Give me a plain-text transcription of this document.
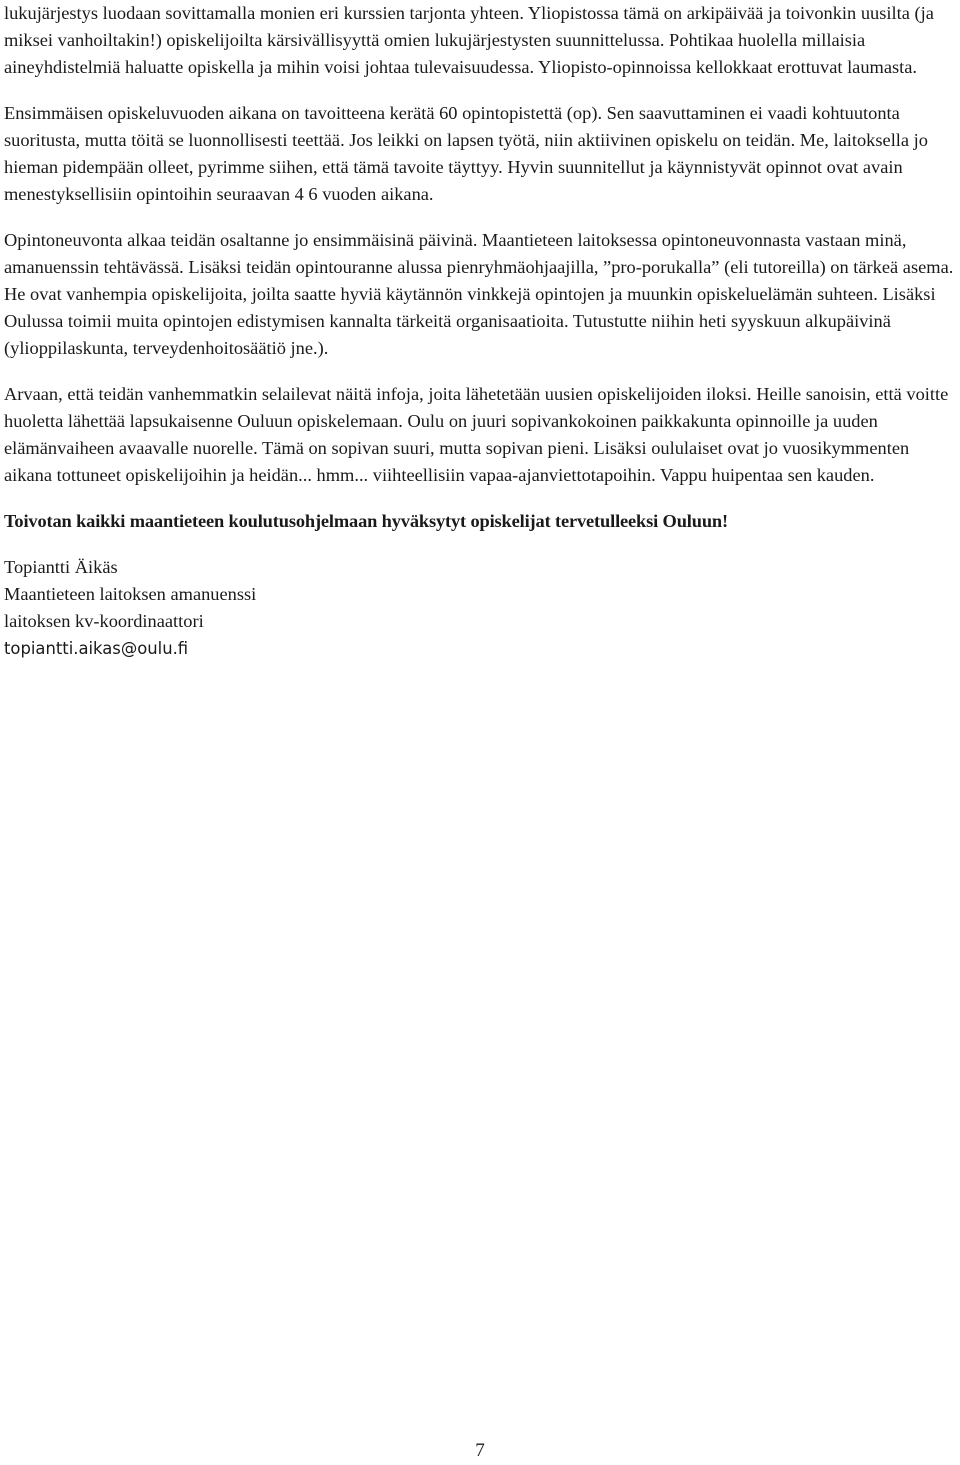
lukujärjestys luodaan sovittamalla monien eri kurssien tarjonta yhteen. Yliopistossa tämä on arkipäivää ja toivonkin uusilta (ja miksei vanhoiltakin!) opiskelijoilta kärsivällisyyttä omien lukujärjestysten suunnittelussa. Pohtikaa huolella millaisia aineyhdistelmiä haluatte opiskella ja mihin voisi johtaa tulevaisuudessa. Yliopisto-opinnoissa kellokkaat erottuvat laumasta.

Ensimmäisen opiskeluvuoden aikana on tavoitteena kerätä 60 opintopistettä (op). Sen saavuttaminen ei vaadi kohtuutonta suoritusta, mutta töitä se luonnollisesti teettää. Jos leikki on lapsen työtä, niin aktiivinen opiskelu on teidän. Me, laitoksella jo hieman pidempään olleet, pyrimme siihen, että tämä tavoite täyttyy. Hyvin suunnitellut ja käynnistyvät opinnot ovat avain menestyksellisiin opintoihin seuraavan 4 6 vuoden aikana.

Opintoneuvonta alkaa teidän osaltanne jo ensimmäisinä päivinä. Maantieteen laitoksessa opintoneuvonnasta vastaan minä, amanuenssin tehtävässä. Lisäksi teidän opintouranne alussa pienryhmäohjaajilla, ”pro-porukalla” (eli tutoreilla) on tärkeä asema. He ovat vanhempia opiskelijoita, joilta saatte hyviä käytännön vinkkejä opintojen ja muunkin opiskeluelämän suhteen. Lisäksi Oulussa toimii muita opintojen edistymisen kannalta tärkeitä organisaatioita. Tutustutte niihin heti syyskuun alkupäivinä (ylioppilaskunta, terveydenhoitosäätiö jne.).

Arvaan, että teidän vanhemmatkin selailevat näitä infoja, joita lähetetään uusien opiskelijoiden iloksi. Heille sanoisin, että voitte huoletta lähettää lapsukaisenne Ouluun opiskelemaan. Oulu on juuri sopivankokoinen paikkakunta opinnoille ja uuden elämänvaiheen avaavalle nuorelle. Tämä on sopivan suuri, mutta sopivan pieni. Lisäksi oululaiset ovat jo vuosikymmenten aikana tottuneet opiskelijoihin ja heidän... hmm... viihteellisiin vapaa-ajanviettotapoihin. Vappu huipentaa sen kauden.

Toivotan kaikki maantieteen koulutusohjelmaan hyväksytyt opiskelijat tervetulleeksi Ouluun!

Topiantti Äikäs
Maantieteen laitoksen amanuenssi
laitoksen kv-koordinaattori
topiantti.aikas@oulu.fi

7
